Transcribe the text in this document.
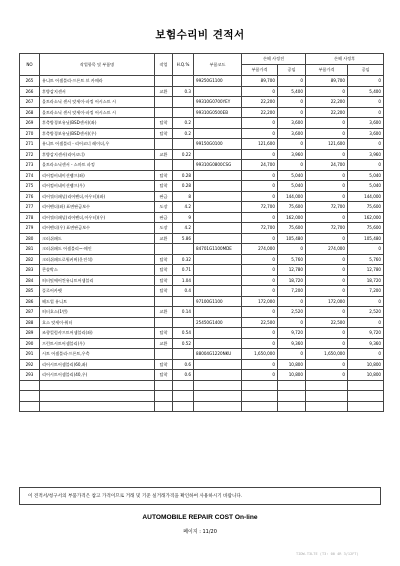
보험수리비 견적서
NO	작업항목 및 부품명	작업	H.Q.%	부품코드	손해 사정전		손해 사정후	
					부품가격	공임	부품가격	공임
265	유니트 어셈블리-프론트 브 카메라			99250G1100	89,700	0	89,700	0
266	후방감지센서	교환	0.3		0	5,400	0	5,400
267	울트라소닉 센서 앗세이-파킹 어시스트 시			99310G0700YEY	22,200	0	22,200	0
268	울트라소닉 센서 앗세이-파킹 어시스트 시			99310G0500EB	22,200	0	22,200	0
269	후측방경보유닛(BSD센서)(좌)	탈착	0.2		0	3,600	0	3,600
270	후측방경보유닛(BSD센서)(우)	탈착	0.2		0	3,600	0	3,600
271	유니트 어셈블리 - 리어코너 레이더,우			99150G0100	121,600	0	121,600	0
272	후방감지센서(리어코너)	교환	0.22		0	3,960	0	3,960
273	울트라소닉센서 - 스마트 파킹			99310G0800CSG	24,700	0	24,700	0
274	리어컴비네이션램프(좌)	탈착	0.28		0	5,040	0	5,040
275	리어컴비네이션램프(우)	탈착	0.28		0	5,040	0	5,040
276	리어쿼터패널(리어펜더,아우터)(좌)	판금	8		0	144,000	0	144,000
277	리어펜더(좌) 표면판금보수	도장	4.2		72,700	75,600	72,700	75,600
278	리어쿼터패널(리어펜더,아우터)(우)	판금	9		0	162,000	0	162,000
279	리어펜더(우) 표면판금보수	도장	4.2		72,700	75,600	72,700	75,600
280	크러쉬패드	교환	5.86		0	105,480	0	105,480
281	크러쉬패드 어셈블리~-메인			84701G1100MDE	274,000	0	274,000	0
282	크러쉬패드로워커버(운전석)	탈착	0.32		0	5,760	0	5,760
283	콘솔박스	탈착	0.71		0	12,780	0	12,780
284	히터및에어컨유니트어셈블리	탈착	1.04		0	18,720	0	18,720
285	플로어카펫	탈착	0.4		0	7,200	0	7,200
286	헤드업 유니트			97100G1100	172,000	0	172,000	0
287	히터호스(1번)	교환	0.14		0	2,520	0	2,520
288	호스 앗세이-워터			25450G1400	22,500	0	22,500	0
289	조향컬럼샤프트어셈블리(좌)	탈착	0.54		0	9,720	0	9,720
290	프런트시트어셈블리(우)	교환	0.52		0	9,360	0	9,360
291	시트 어셈블리-프론트,우측			88004G1220NKU	1,650,000	0	1,650,000	0
292	리어시트어셈블리(60,좌)	탈착	0.6		0	10,800	0	10,800
293	리어시트어셈블리(40,우)	탈착	0.6		0	10,800	0	10,800

이 견적서/청구서의 부품가격은 참고 가격이므로 거래 및 기준 실거래가격을 확인하여 사용하시기 바랍니다.
AUTOMOBILE REPAIR COST On-line
페이지 : 11/20
TIDW-T3LTE (T3: 00 4R 3/12FT)
